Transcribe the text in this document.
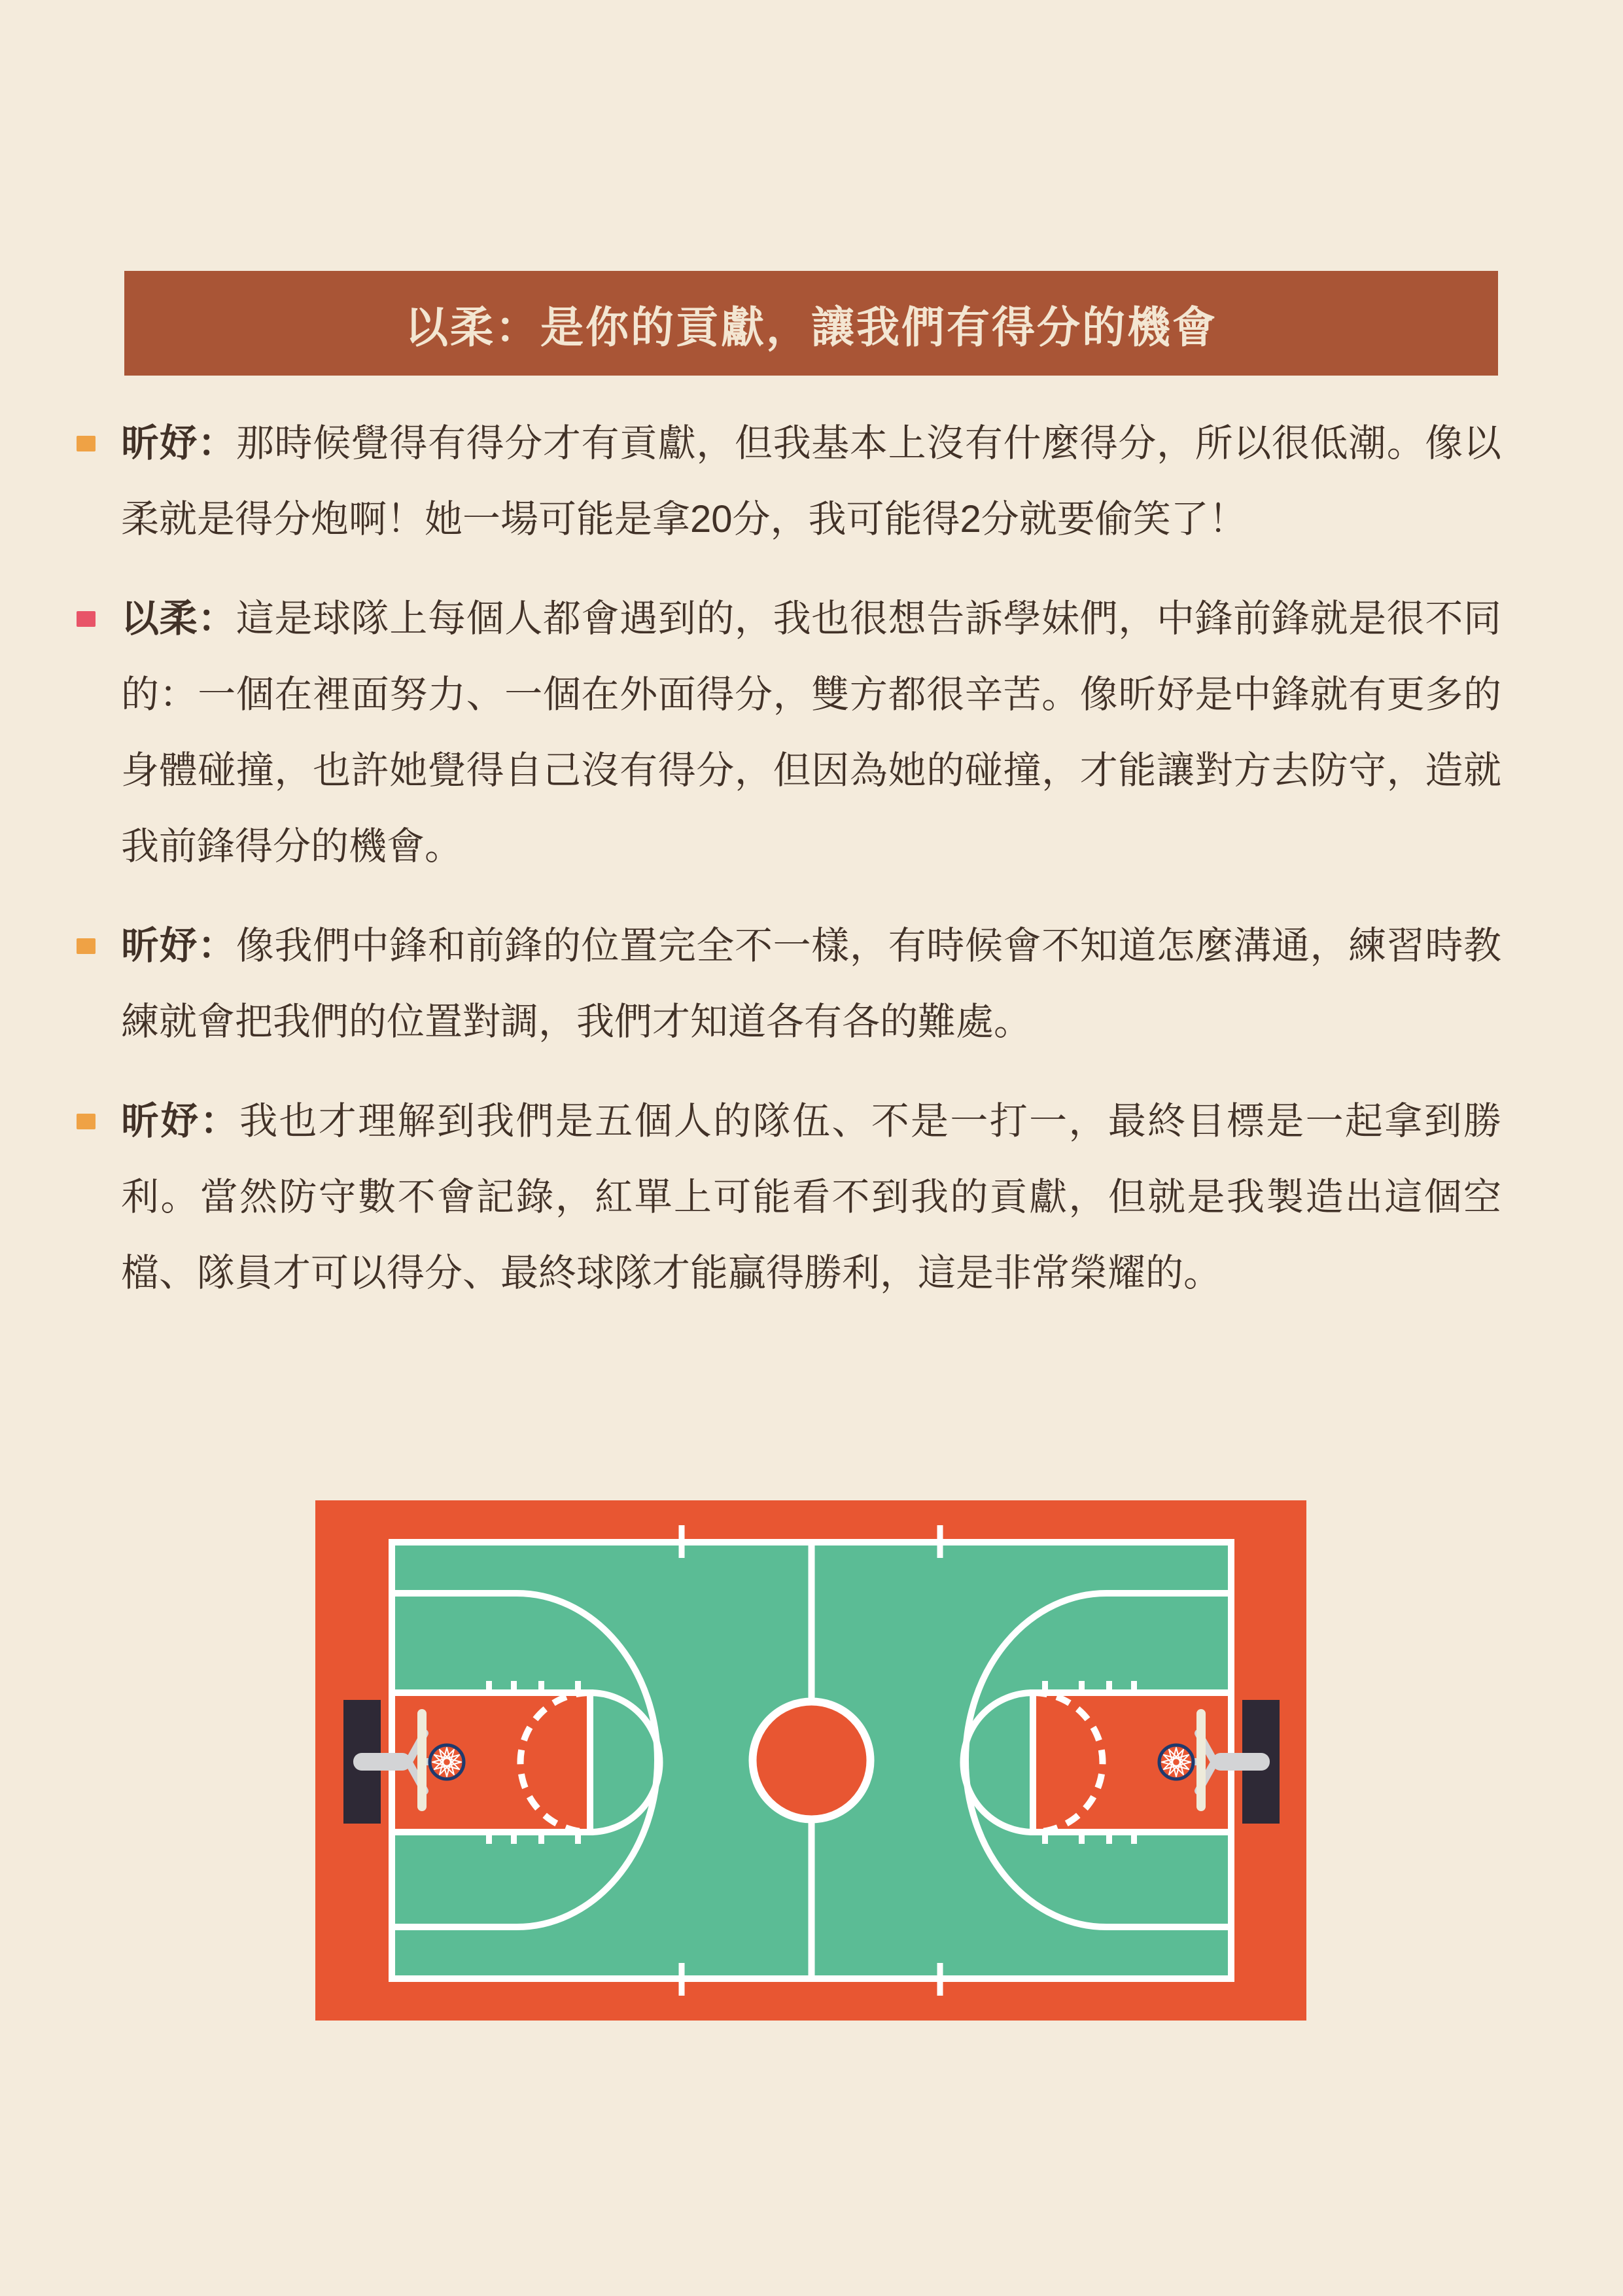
以柔：是你的貢獻，讓我們有得分的機會
昕妤：那時候覺得有得分才有貢獻，但我基本上沒有什麼得分，所以很低潮。像以柔就是得分炮啊！她一場可能是拿20分，我可能得2分就要偷笑了！
以柔：這是球隊上每個人都會遇到的，我也很想告訴學妹們，中鋒前鋒就是很不同的：一個在裡面努力、一個在外面得分，雙方都很辛苦。像昕妤是中鋒就有更多的身體碰撞，也許她覺得自己沒有得分，但因為她的碰撞，才能讓對方去防守，造就我前鋒得分的機會。
昕妤：像我們中鋒和前鋒的位置完全不一樣，有時候會不知道怎麼溝通，練習時教練就會把我們的位置對調，我們才知道各有各的難處。
昕妤：我也才理解到我們是五個人的隊伍、不是一打一，最終目標是一起拿到勝利。當然防守數不會記錄，紅單上可能看不到我的貢獻，但就是我製造出這個空檔、隊員才可以得分、最終球隊才能贏得勝利，這是非常榮耀的。
